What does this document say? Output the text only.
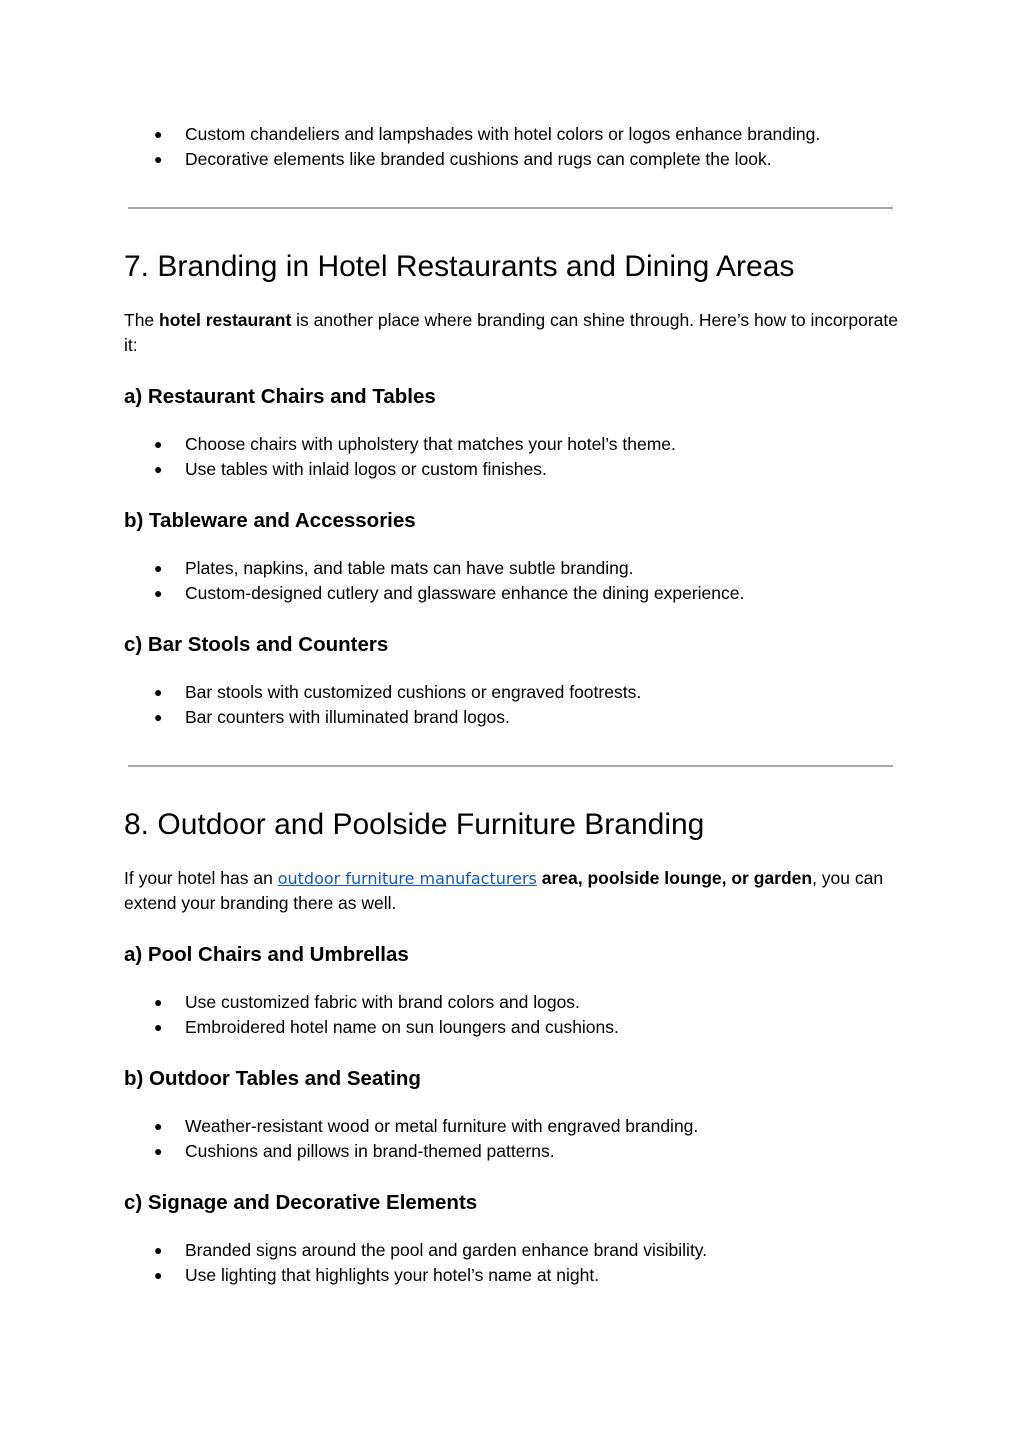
● Custom chandeliers and lampshades with hotel colors or logos enhance branding.
● Decorative elements like branded cushions and rugs can complete the look.
7. Branding in Hotel Restaurants and Dining Areas

The hotel restaurant is another place where branding can shine through. Here’s how to incorporate it:

a) Restaurant Chairs and Tables
● Choose chairs with upholstery that matches your hotel’s theme.
● Use tables with inlaid logos or custom finishes.
b) Tableware and Accessories
● Plates, napkins, and table mats can have subtle branding.
● Custom-designed cutlery and glassware enhance the dining experience.
c) Bar Stools and Counters
● Bar stools with customized cushions or engraved footrests.
● Bar counters with illuminated brand logos.
8. Outdoor and Poolside Furniture Branding

If your hotel has an outdoor furniture manufacturers area, poolside lounge, or garden, you can extend your branding there as well.

a) Pool Chairs and Umbrellas
● Use customized fabric with brand colors and logos.
● Embroidered hotel name on sun loungers and cushions.
b) Outdoor Tables and Seating
● Weather-resistant wood or metal furniture with engraved branding.
● Cushions and pillows in brand-themed patterns.
c) Signage and Decorative Elements
● Branded signs around the pool and garden enhance brand visibility.
● Use lighting that highlights your hotel’s name at night.
